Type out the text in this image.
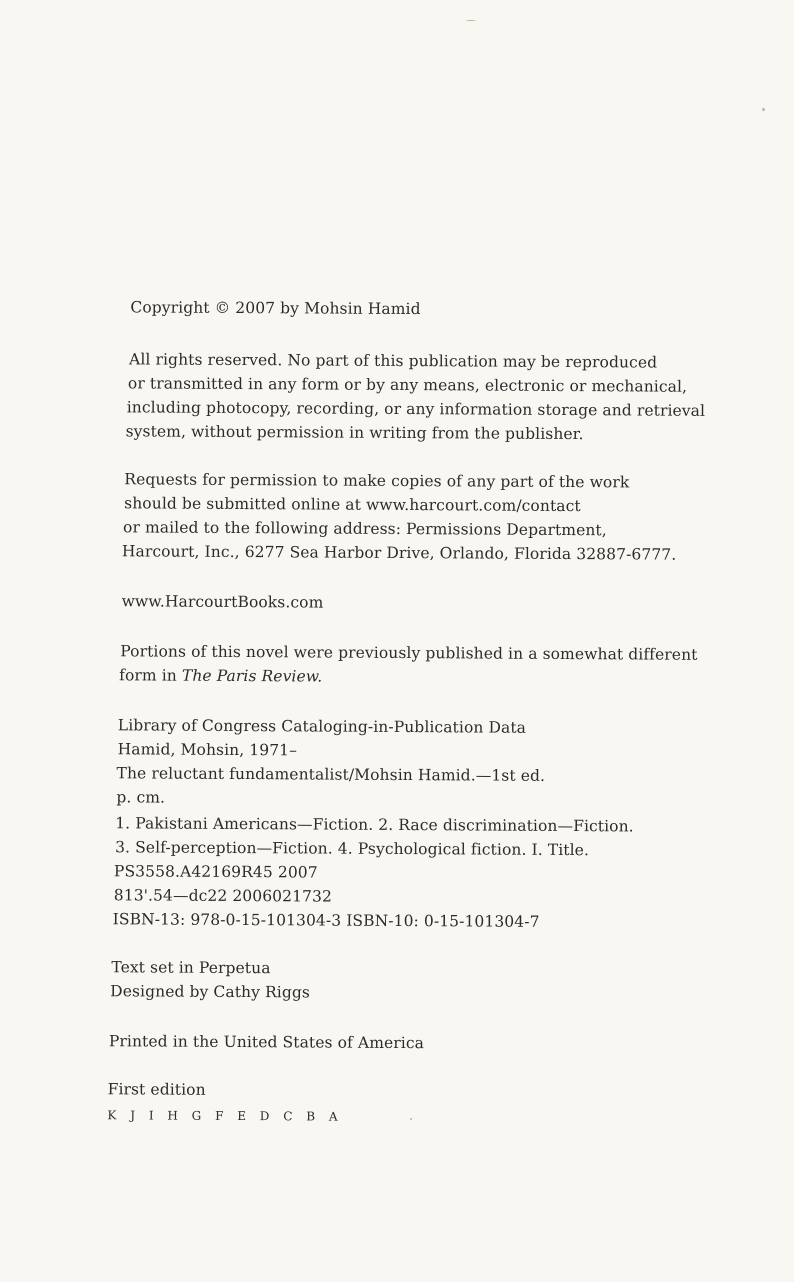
Copyright © 2007 by Mohsin Hamid
All rights reserved. No part of this publication may be reproduced
or transmitted in any form or by any means, electronic or mechanical,
including photocopy, recording, or any information storage and retrieval
system, without permission in writing from the publisher.
Requests for permission to make copies of any part of the work
should be submitted online at www.harcourt.com/contact
or mailed to the following address: Permissions Department,
Harcourt, Inc., 6277 Sea Harbor Drive, Orlando, Florida 32887-6777.
www.HarcourtBooks.com
Portions of this novel were previously published in a somewhat different
form in The Paris Review.
Library of Congress Cataloging-in-Publication Data
Hamid, Mohsin, 1971–
The reluctant fundamentalist/Mohsin Hamid.—1st ed.
p. cm.
1. Pakistani Americans—Fiction. 2. Race discrimination—Fiction.
3. Self-perception—Fiction. 4. Psychological fiction. I. Title.
PS3558.A42169R45 2007
813'.54—dc22 2006021732
ISBN-13: 978-0-15-101304-3 ISBN-10: 0-15-101304-7
Text set in Perpetua
Designed by Cathy Riggs
Printed in the United States of America
First edition
K J I H G F E D C B A
